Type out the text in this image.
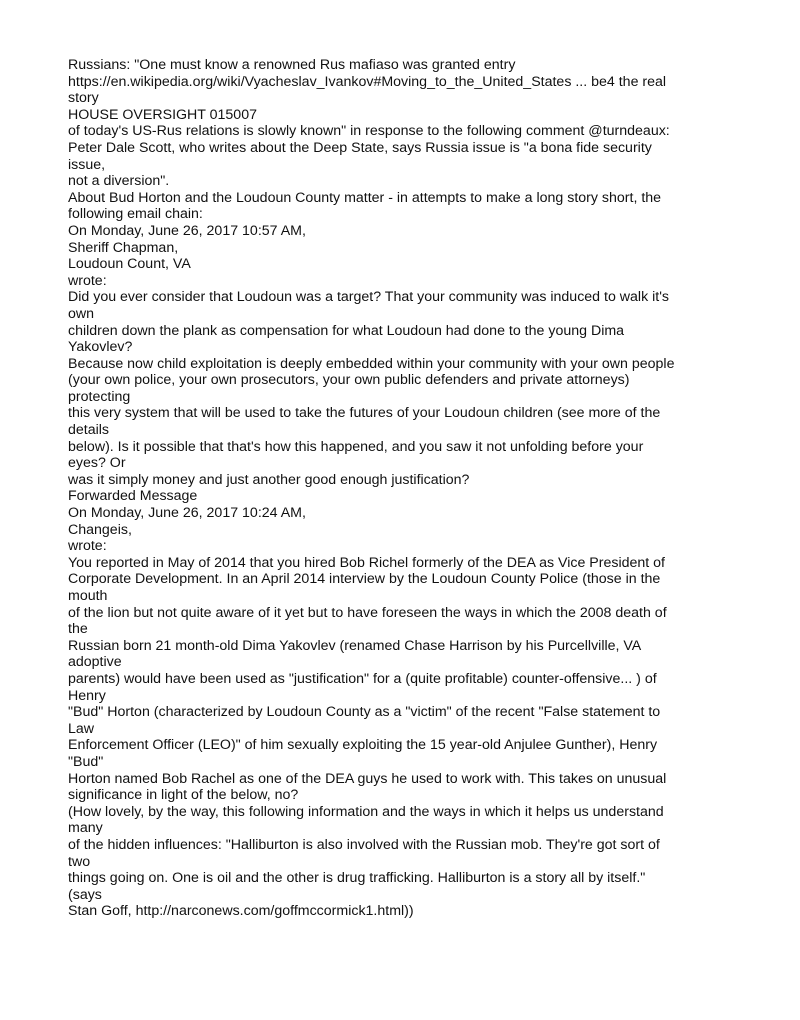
Russians: "One must know a renowned Rus mafiaso was granted entry
https://en.wikipedia.org/wiki/Vyacheslav_Ivankov#Moving_to_the_United_States ... be4 the real
story
HOUSE OVERSIGHT 015007
of today's US-Rus relations is slowly known" in response to the following comment @turndeaux:
Peter Dale Scott, who writes about the Deep State, says Russia issue is "a bona fide security
issue,
not a diversion".
About Bud Horton and the Loudoun County matter - in attempts to make a long story short, the
following email chain:
On Monday, June 26, 2017 10:57 AM,
Sheriff Chapman,
Loudoun Count, VA
wrote:
Did you ever consider that Loudoun was a target? That your community was induced to walk it's
own
children down the plank as compensation for what Loudoun had done to the young Dima
Yakovlev?
Because now child exploitation is deeply embedded within your community with your own people
(your own police, your own prosecutors, your own public defenders and private attorneys)
protecting
this very system that will be used to take the futures of your Loudoun children (see more of the
details
below). Is it possible that that's how this happened, and you saw it not unfolding before your
eyes? Or
was it simply money and just another good enough justification?
Forwarded Message
On Monday, June 26, 2017 10:24 AM,
Changeis,
wrote:
You reported in May of 2014 that you hired Bob Richel formerly of the DEA as Vice President of
Corporate Development. In an April 2014 interview by the Loudoun County Police (those in the
mouth
of the lion but not quite aware of it yet but to have foreseen the ways in which the 2008 death of
the
Russian born 21 month-old Dima Yakovlev (renamed Chase Harrison by his Purcellville, VA
adoptive
parents) would have been used as "justification" for a (quite profitable) counter-offensive... ) of
Henry
"Bud" Horton (characterized by Loudoun County as a "victim" of the recent "False statement to
Law
Enforcement Officer (LEO)" of him sexually exploiting the 15 year-old Anjulee Gunther), Henry
"Bud"
Horton named Bob Rachel as one of the DEA guys he used to work with. This takes on unusual
significance in light of the below, no?
(How lovely, by the way, this following information and the ways in which it helps us understand
many
of the hidden influences: "Halliburton is also involved with the Russian mob. They're got sort of
two
things going on. One is oil and the other is drug trafficking. Halliburton is a story all by itself."
(says
Stan Goff, http://narconews.com/goffmccormick1.html))
